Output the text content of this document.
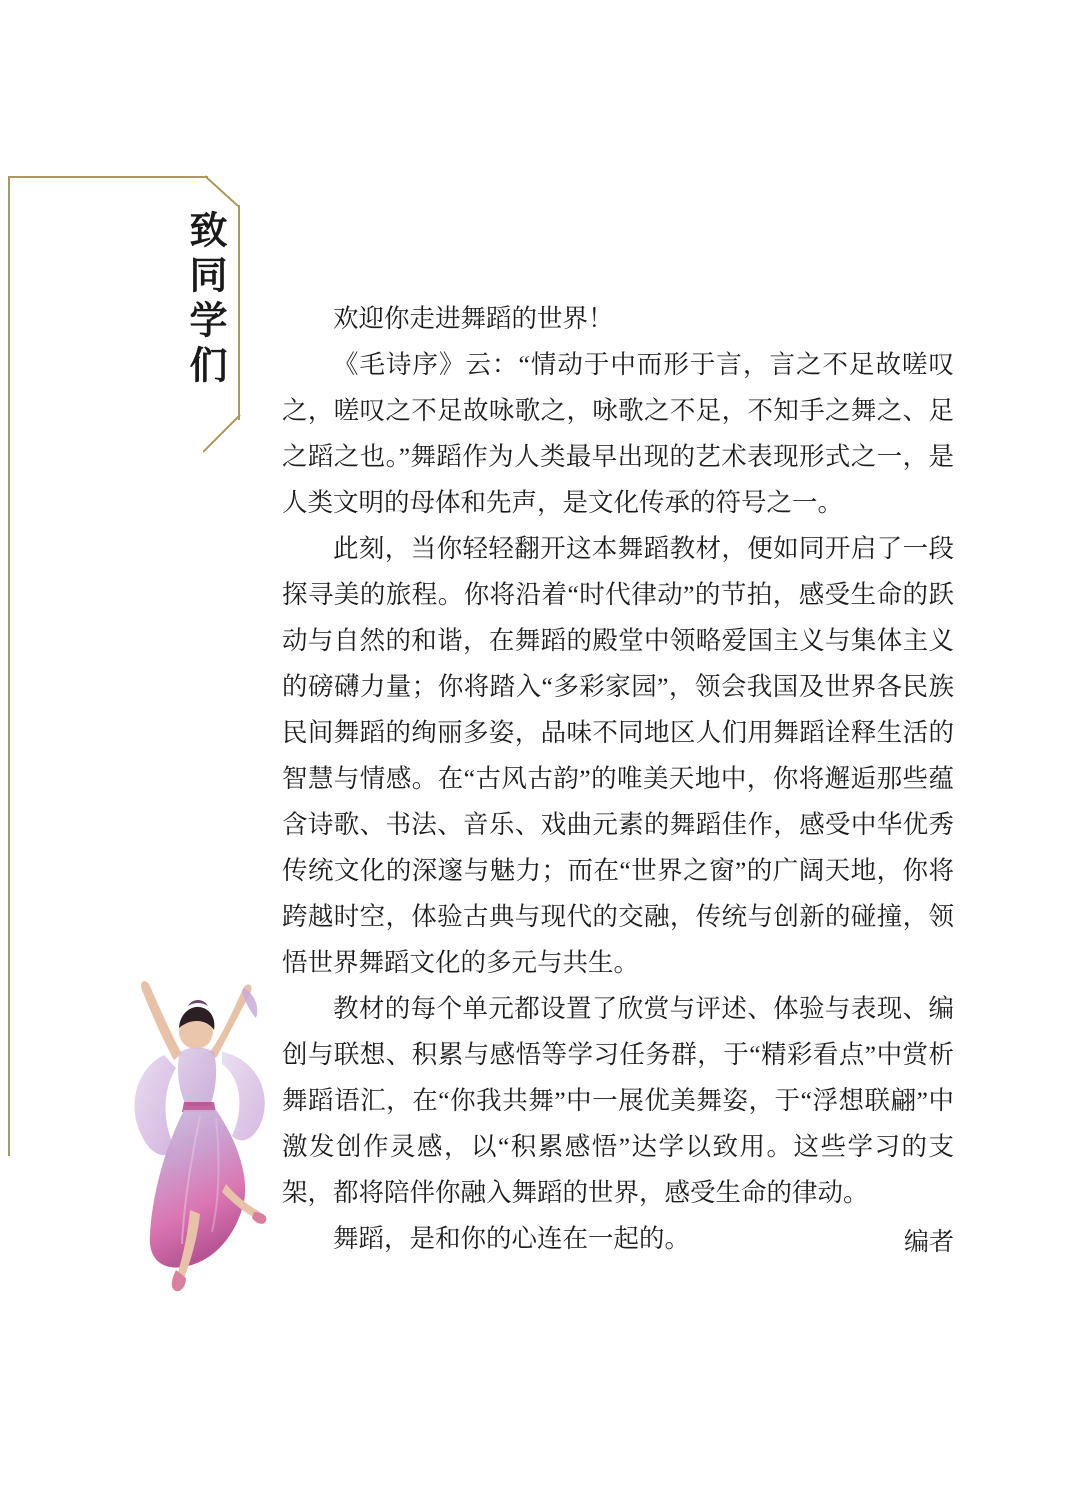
致同学们	欢迎你走进舞蹈的世界！

《毛诗序》云：“情动于中而形于言，言之不足故嗟叹之，嗟叹之不足故咏歌之，咏歌之不足，不知手之舞之、足之蹈之也。”舞蹈作为人类最早出现的艺术表现形式之一，是人类文明的母体和先声，是文化传承的符号之一。

此刻，当你轻轻翻开这本舞蹈教材，便如同开启了一段探寻美的旅程。你将沿着“时代律动”的节拍，感受生命的跃动与自然的和谐，在舞蹈的殿堂中领略爱国主义与集体主义的磅礴力量；你将踏入“多彩家园”，领会我国及世界各民族民间舞蹈的绚丽多姿，品味不同地区人们用舞蹈诠释生活的智慧与情感。在“古风古韵”的唯美天地中，你将邂逅那些蕴含诗歌、书法、音乐、戏曲元素的舞蹈佳作，感受中华优秀传统文化的深邃与魅力；而在“世界之窗”的广阔天地，你将跨越时空，体验古典与现代的交融，传统与创新的碰撞，领悟世界舞蹈文化的多元与共生。

教材的每个单元都设置了欣赏与评述、体验与表现、编创与联想、积累与感悟等学习任务群，于“精彩看点”中赏析舞蹈语汇，在“你我共舞”中一展优美舞姿，于“浮想联翩”中激发创作灵感，以“积累感悟”达学以致用。这些学习的支架，都将陪伴你融入舞蹈的世界，感受生命的律动。

舞蹈，是和你的心连在一起的。	编者
